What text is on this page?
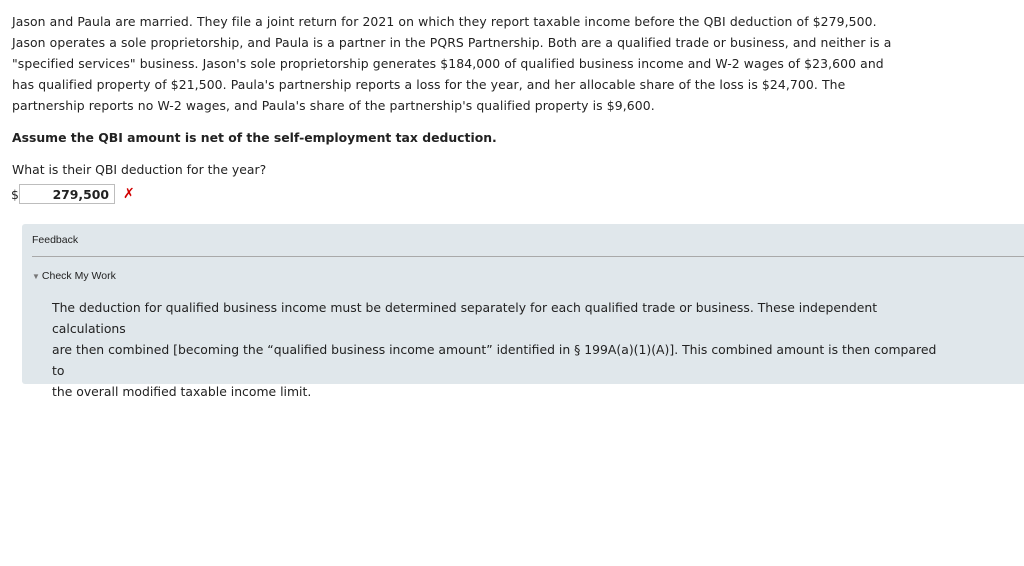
Jason and Paula are married. They file a joint return for 2021 on which they report taxable income before the QBI deduction of $279,500.

Jason operates a sole proprietorship, and Paula is a partner in the PQRS Partnership. Both are a qualified trade or business, and neither is a

"specified services" business. Jason's sole proprietorship generates $184,000 of qualified business income and W-2 wages of $23,600 and

has qualified property of $21,500. Paula's partnership reports a loss for the year, and her allocable share of the loss is $24,700. The

partnership reports no W-2 wages, and Paula's share of the partnership's qualified property is $9,600.

Assume the QBI amount is net of the self-employment tax deduction.
What is their QBI deduction for the year?
$
279,500	✗
Feedback
▼ Check My Work
The deduction for qualified business income must be determined separately for each qualified trade or business. These independent calculations
are then combined [becoming the “qualified business income amount” identified in § 199A(a)(1)(A)]. This combined amount is then compared to
the overall modified taxable income limit.
